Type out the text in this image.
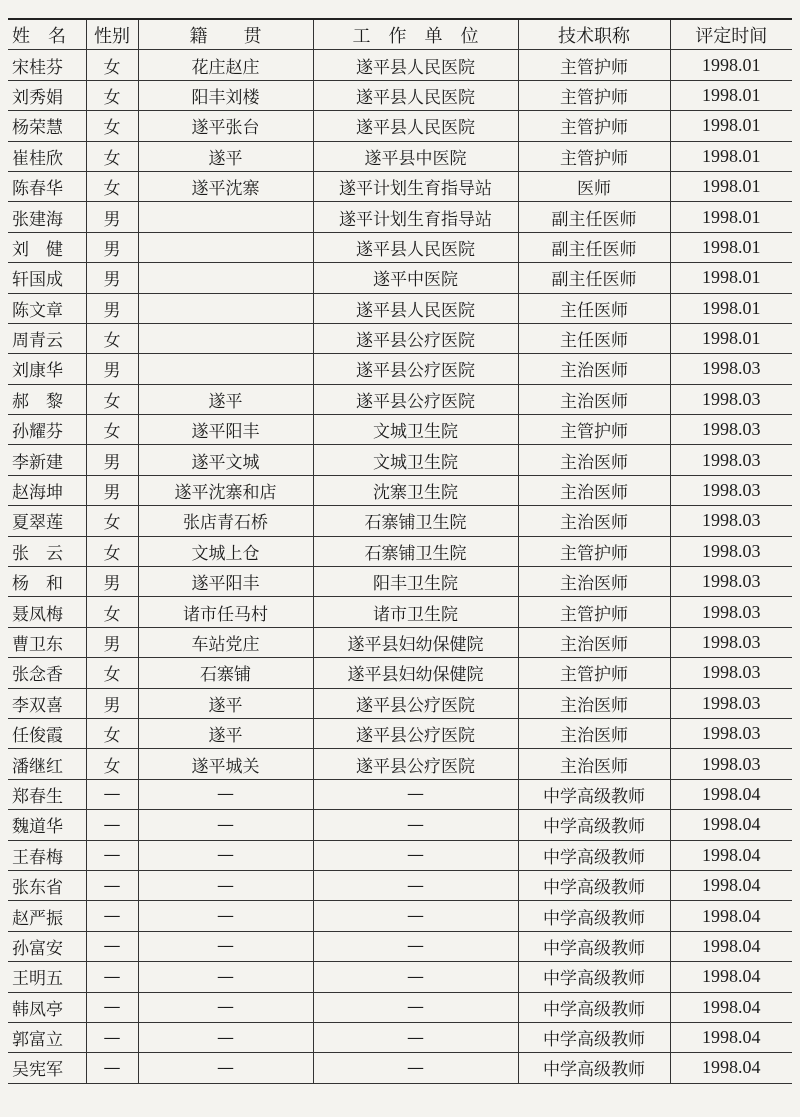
姓　名	性别	籍　　贯	工　作　单　位	技术职称	评定时间
宋桂芬	女	花庄赵庄	遂平县人民医院	主管护师	1998.01
刘秀娟	女	阳丰刘楼	遂平县人民医院	主管护师	1998.01
杨荣慧	女	遂平张台	遂平县人民医院	主管护师	1998.01
崔桂欣	女	遂平	遂平县中医院	主管护师	1998.01
陈春华	女	遂平沈寨	遂平计划生育指导站	医师	1998.01
张建海	男		遂平计划生育指导站	副主任医师	1998.01
刘　健	男		遂平县人民医院	副主任医师	1998.01
轩国成	男		遂平中医院	副主任医师	1998.01
陈文章	男		遂平县人民医院	主任医师	1998.01
周青云	女		遂平县公疗医院	主任医师	1998.01
刘康华	男		遂平县公疗医院	主治医师	1998.03
郝　黎	女	遂平	遂平县公疗医院	主治医师	1998.03
孙耀芬	女	遂平阳丰	文城卫生院	主管护师	1998.03
李新建	男	遂平文城	文城卫生院	主治医师	1998.03
赵海坤	男	遂平沈寨和店	沈寨卫生院	主治医师	1998.03
夏翠莲	女	张店青石桥	石寨铺卫生院	主治医师	1998.03
张　云	女	文城上仓	石寨铺卫生院	主管护师	1998.03
杨　和	男	遂平阳丰	阳丰卫生院	主治医师	1998.03
聂凤梅	女	诸市任马村	诸市卫生院	主管护师	1998.03
曹卫东	男	车站党庄	遂平县妇幼保健院	主治医师	1998.03
张念香	女	石寨铺	遂平县妇幼保健院	主管护师	1998.03
李双喜	男	遂平	遂平县公疗医院	主治医师	1998.03
任俊霞	女	遂平	遂平县公疗医院	主治医师	1998.03
潘继红	女	遂平城关	遂平县公疗医院	主治医师	1998.03
郑春生	—	—	—	中学高级教师	1998.04
魏道华	—	—	—	中学高级教师	1998.04
王春梅	—	—	—	中学高级教师	1998.04
张东省	—	—	—	中学高级教师	1998.04
赵严振	—	—	—	中学高级教师	1998.04
孙富安	—	—	—	中学高级教师	1998.04
王明五	—	—	—	中学高级教师	1998.04
韩凤亭	—	—	—	中学高级教师	1998.04
郭富立	—	—	—	中学高级教师	1998.04
吴宪军	—	—	—	中学高级教师	1998.04
